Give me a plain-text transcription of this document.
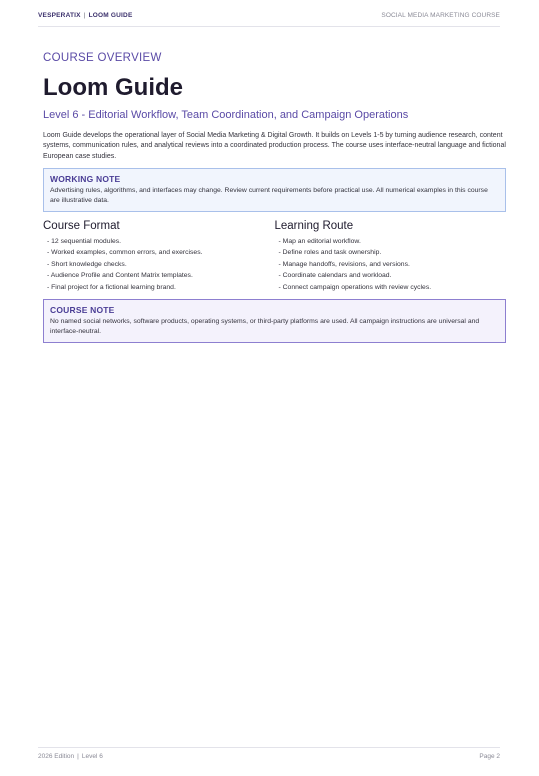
VESPERATIX | LOOM GUIDE	SOCIAL MEDIA MARKETING COURSE

COURSE OVERVIEW

Loom Guide

Level 6 - Editorial Workflow, Team Coordination, and Campaign Operations

Loom Guide develops the operational layer of Social Media Marketing & Digital Growth. It builds on Levels 1-5 by turning audience research, content systems, communication rules, and analytical reviews into a coordinated production process. The course uses interface-neutral language and fictional European case studies.

WORKING NOTE

Advertising rules, algorithms, and interfaces may change. Review current requirements before practical use. All numerical examples in this course are illustrative data.

Course Format
- 12 sequential modules.
- Worked examples, common errors, and exercises.
- Short knowledge checks.
- Audience Profile and Content Matrix templates.
- Final project for a fictional learning brand.
Learning Route
- Map an editorial workflow.
- Define roles and task ownership.
- Manage handoffs, revisions, and versions.
- Coordinate calendars and workload.
- Connect campaign operations with review cycles.

COURSE NOTE

No named social networks, software products, operating systems, or third-party platforms are used. All campaign instructions are universal and interface-neutral.

2026 Edition | Level 6	Page 2
